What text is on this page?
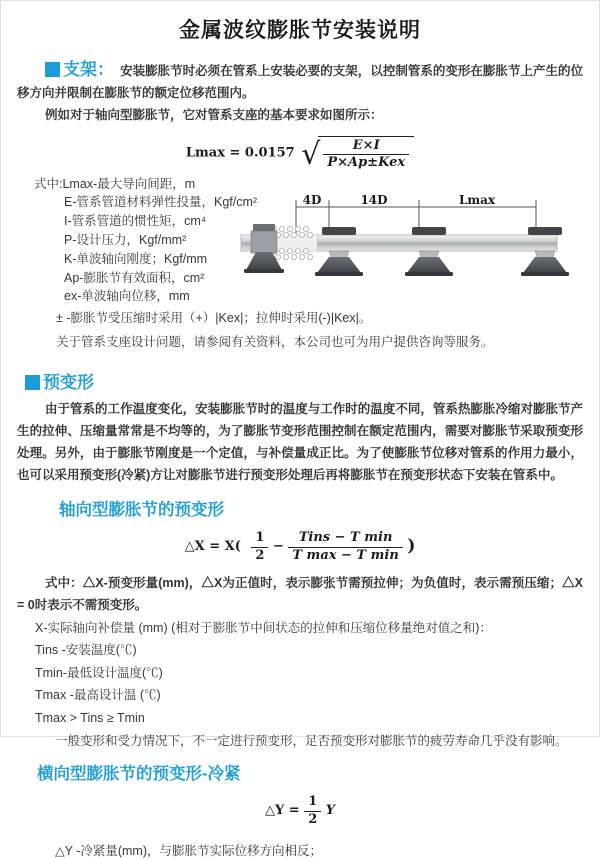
金属波纹膨胀节安装说明

支架： 安装膨胀节时必须在管系上安装必要的支架，以控制管系的变形在膨胀节上产生的位移方向并限制在膨胀节的额定位移范围内。

例如对于轴向型膨胀节，它对管系支座的基本要求如图所示：

Lmax = 0.0157 √ $\frac{E\times I}{\text{P×Ap±Kex}}$
式中:Lmax-最大导向间距，m
E-管系管道材料弹性投量，Kgf/cm²
I-管系管道的惯性矩，cm⁴
P-设计压力，Kgf/mm²
K-单波轴向刚度；Kgf/mm
Ap-膨胀节有效面积，cm²
ex-单波轴向位移，mm
4D	14D	Lmax

± -膨胀节受压缩时采用（+）|Kex|；拉伸时采用(-)|Kex|。

关于管系支座设计问题，请参阅有关资料，本公司也可为用户提供咨询等服务。

预变形

由于管系的工作温度变化，安装膨胀节时的温度与工作时的温度不同，管系热膨胀冷缩对膨胀节产生的拉伸、压缩量常常是不均等的，为了膨胀节变形范围控制在额定范围内，需要对膨胀节采取预变形处理。另外，由于膨胀节刚度是一个定值，与补偿量成正比。为了使膨胀节位移对管系的作用力最小，也可以采用预变形(冷紧)方让对膨胀节进行预变形处理后再将膨胀节在预变形状态下安装在管系中。

轴向型膨胀节的预变形
△X = $X( \frac{1}{2} - \frac{\text{Tins − T min}}{\text{T max − T min}}$ )

式中：△X-预变形量(mm)，△X为正值时，表示膨张节需预拉伸；为负值时，表示需预压缩；△X = 0时表示不需预变形。

X-实际轴向补偿量 (mm) (相对于膨胀节中间状态的拉伸和压缩位移量绝对值之和)：

Tins -安装温度(℃)

Tmin-最低设计温度(℃)

Tmax -最高设计温 (℃)

Tmax > Tins ≥ Tmin

一般变形和受力情况下，不一定进行预变形，足否预变形对膨胀节的疲劳寿命几乎没有影响。

横向型膨胀节的预变形-冷紧
△Y = $\frac{1}{2}$ Y

△Y -冷紧量(mm)，与膨胀节实际位移方向相反；
